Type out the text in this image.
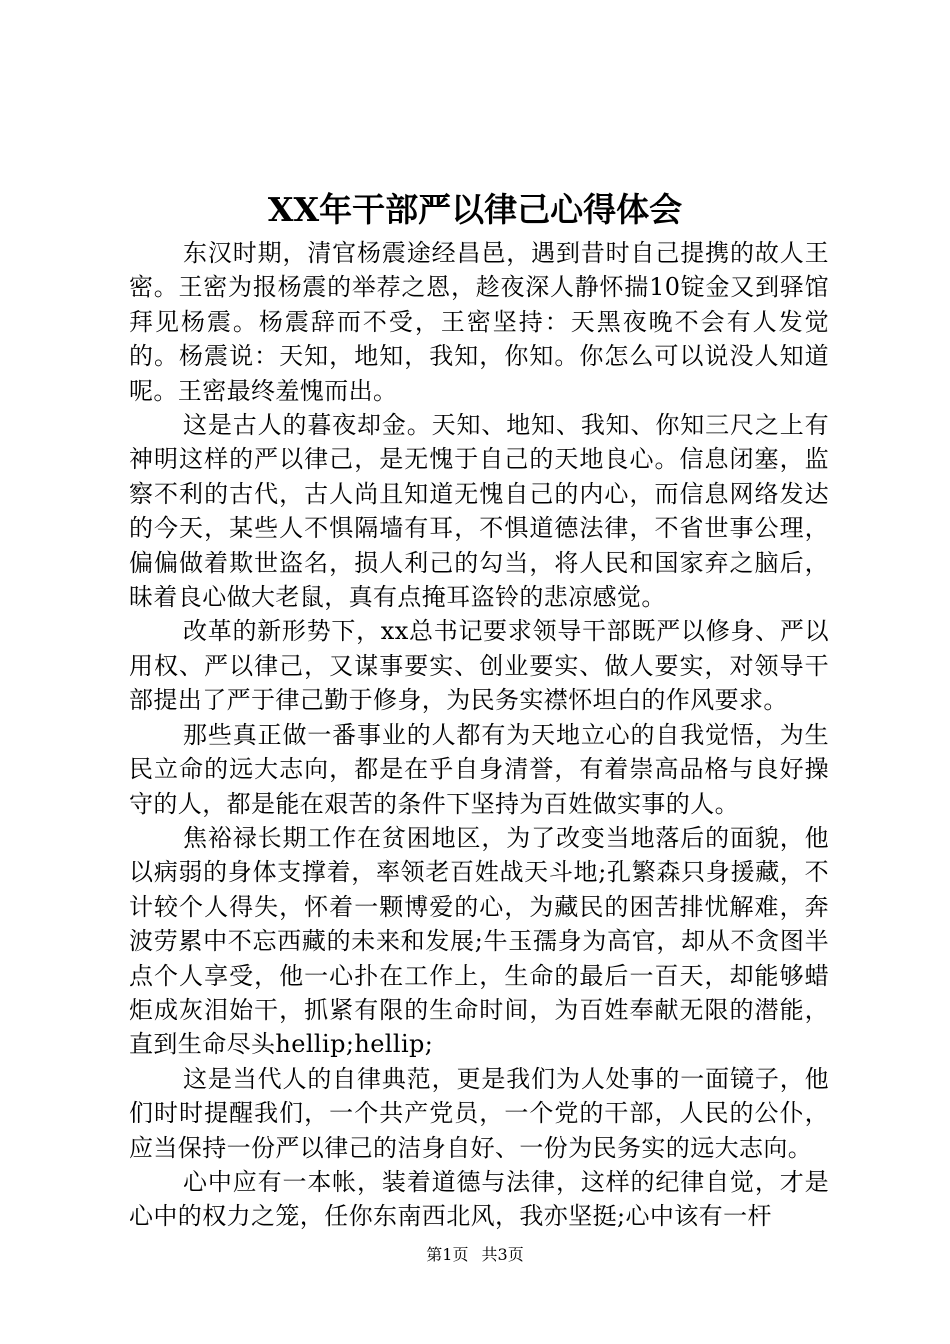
XX年干部严以律己心得体会

东汉时期，清官杨震途经昌邑，遇到昔时自己提携的故人王密。王密为报杨震的举荐之恩，趁夜深人静怀揣10锭金又到驿馆拜见杨震。杨震辞而不受，王密坚持：天黑夜晚不会有人发觉的。杨震说：天知，地知，我知，你知。你怎么可以说没人知道呢。王密最终羞愧而出。

这是古人的暮夜却金。天知、地知、我知、你知三尺之上有神明这样的严以律己，是无愧于自己的天地良心。信息闭塞，监察不利的古代，古人尚且知道无愧自己的内心，而信息网络发达的今天，某些人不惧隔墙有耳，不惧道德法律，不省世事公理，偏偏做着欺世盗名，损人利己的勾当，将人民和国家弃之脑后，昧着良心做大老鼠，真有点掩耳盗铃的悲凉感觉。

改革的新形势下，xx总书记要求领导干部既严以修身、严以用权、严以律己，又谋事要实、创业要实、做人要实，对领导干部提出了严于律己勤于修身，为民务实襟怀坦白的作风要求。

那些真正做一番事业的人都有为天地立心的自我觉悟，为生民立命的远大志向，都是在乎自身清誉，有着崇高品格与良好操守的人，都是能在艰苦的条件下坚持为百姓做实事的人。

焦裕禄长期工作在贫困地区，为了改变当地落后的面貌，他以病弱的身体支撑着，率领老百姓战天斗地;孔繁森只身援藏，不计较个人得失，怀着一颗博爱的心，为藏民的困苦排忧解难，奔波劳累中不忘西藏的未来和发展;牛玉孺身为高官，却从不贪图半点个人享受，他一心扑在工作上，生命的最后一百天，却能够蜡炬成灰泪始干，抓紧有限的生命时间，为百姓奉献无限的潜能，直到生命尽头hellip;hellip;

这是当代人的自律典范，更是我们为人处事的一面镜子，他们时时提醒我们，一个共产党员，一个党的干部，人民的公仆，应当保持一份严以律己的洁身自好、一份为民务实的远大志向。

心中应有一本帐，装着道德与法律，这样的纪律自觉，才是心中的权力之笼，任你东南西北风，我亦坚挺;心中该有一杆

第1页 共3页
